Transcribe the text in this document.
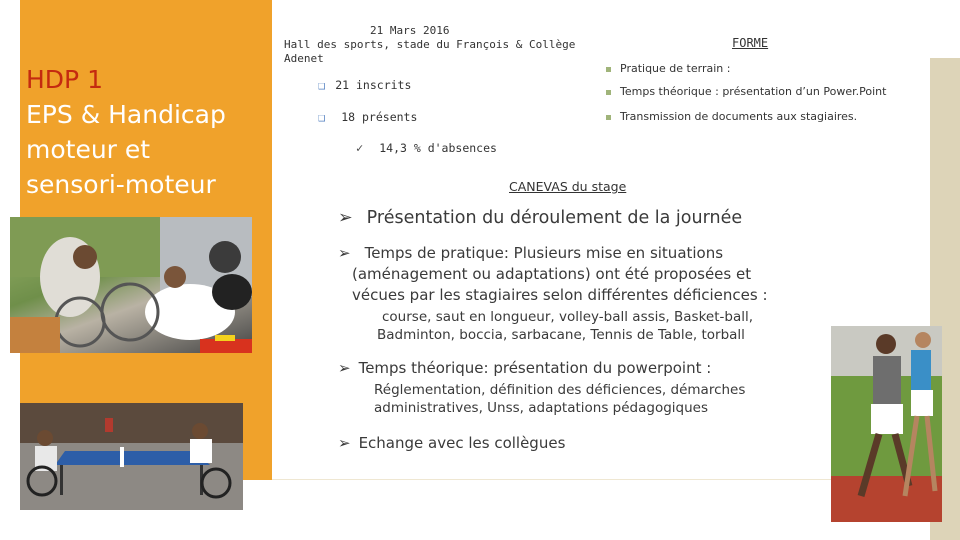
HDP 1
EPS & Handicap
moteur et
sensori-moteur
21 Mars 2016
Hall des sports, stade du François & Collège Adenet
❑ 21 inscrits
❑ 18 présents
✓ 14,3 % d'absences
FORME
Pratique de terrain :
Temps théorique : présentation d’un Power.Point
Transmission de documents aux stagiaires.
CANEVAS du stage
➢ Présentation du déroulement de la journée
➢ Temps de pratique: Plusieurs mise en situations
(aménagement ou adaptations) ont été proposées et
vécues par les stagiaires selon différentes déficiences :
course, saut en longueur, volley-ball assis, Basket-ball,
Badminton, boccia, sarbacane, Tennis de Table, torball
➢ Temps théorique: présentation du powerpoint :
Réglementation, définition des déficiences, démarches
administratives, Unss, adaptations pédagogiques
➢ Echange avec les collègues
